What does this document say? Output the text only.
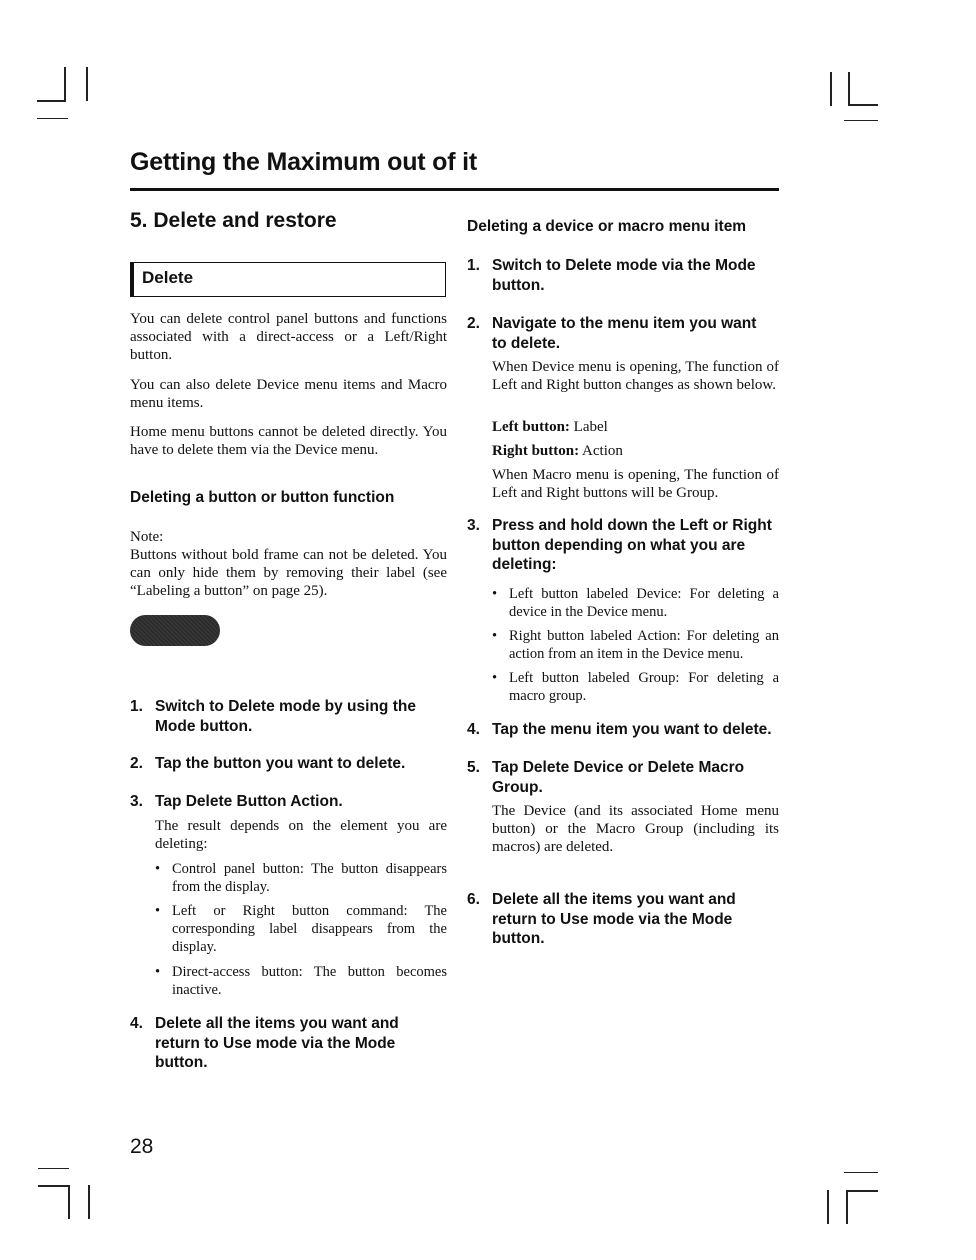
Getting the Maximum out of it
5. Delete and restore
Delete
You can delete control panel buttons and functions associated with a direct-access or a Left/Right button.
You can also delete Device menu items and Macro menu items.
Home menu buttons cannot be deleted directly. You have to delete them via the Device menu.
Deleting a button or button function
Note:
Buttons without bold frame can not be deleted. You can only hide them by removing their label (see “Labeling a button” on page 25).
1. Switch to Delete mode by using the Mode button.
2. Tap the button you want to delete.
3. Tap Delete Button Action.
The result depends on the element you are deleting:
• Control panel button: The button disappears from the display.
• Left or Right button command: The corresponding label disappears from the display.
• Direct-access button: The button becomes inactive.
4. Delete all the items you want and return to Use mode via the Mode button.
Deleting a device or macro menu item
1. Switch to Delete mode via the Mode button.
2. Navigate to the menu item you want to delete.
When Device menu is opening, The function of Left and Right button changes as shown below.
Left button: Label
Right button: Action
When Macro menu is opening, The function of Left and Right buttons will be Group.
3. Press and hold down the Left or Right button depending on what you are deleting:
• Left button labeled Device: For deleting a device in the Device menu.
• Right button labeled Action: For deleting an action from an item in the Device menu.
• Left button labeled Group: For deleting a macro group.
4. Tap the menu item you want to delete.
5. Tap Delete Device or Delete Macro Group.
The Device (and its associated Home menu button) or the Macro Group (including its macros) are deleted.
6. Delete all the items you want and return to Use mode via the Mode button.
28
